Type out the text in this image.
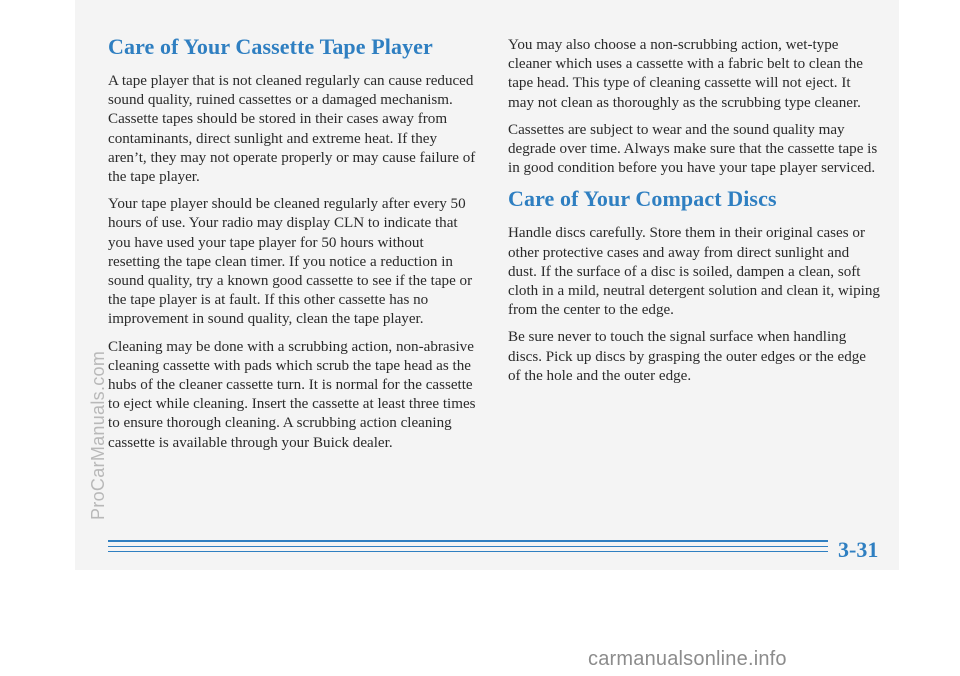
ProCarManuals.com
Care of Your Cassette Tape Player

A tape player that is not cleaned regularly can cause reduced sound quality, ruined cassettes or a damaged mechanism. Cassette tapes should be stored in their cases away from contaminants, direct sunlight and extreme heat. If they aren’t, they may not operate properly or may cause failure of the tape player.

Your tape player should be cleaned regularly after every 50 hours of use. Your radio may display CLN to indicate that you have used your tape player for 50 hours without resetting the tape clean timer. If you notice a reduction in sound quality, try a known good cassette to see if the tape or the tape player is at fault. If this other cassette has no improvement in sound quality, clean the tape player.

Cleaning may be done with a scrubbing action, non-abrasive cleaning cassette with pads which scrub the tape head as the hubs of the cleaner cassette turn. It is normal for the cassette to eject while cleaning. Insert the cassette at least three times to ensure thorough cleaning. A scrubbing action cleaning cassette is available through your Buick dealer.

You may also choose a non-scrubbing action, wet-type cleaner which uses a cassette with a fabric belt to clean the tape head. This type of cleaning cassette will not eject. It may not clean as thoroughly as the scrubbing type cleaner.

Cassettes are subject to wear and the sound quality may degrade over time. Always make sure that the cassette tape is in good condition before you have your tape player serviced.

Care of Your Compact Discs

Handle discs carefully. Store them in their original cases or other protective cases and away from direct sunlight and dust. If the surface of a disc is soiled, dampen a clean, soft cloth in a mild, neutral detergent solution and clean it, wiping from the center to the edge.

Be sure never to touch the signal surface when handling discs. Pick up discs by grasping the outer edges or the edge of the hole and the outer edge.

3-31
carmanualsonline.info
